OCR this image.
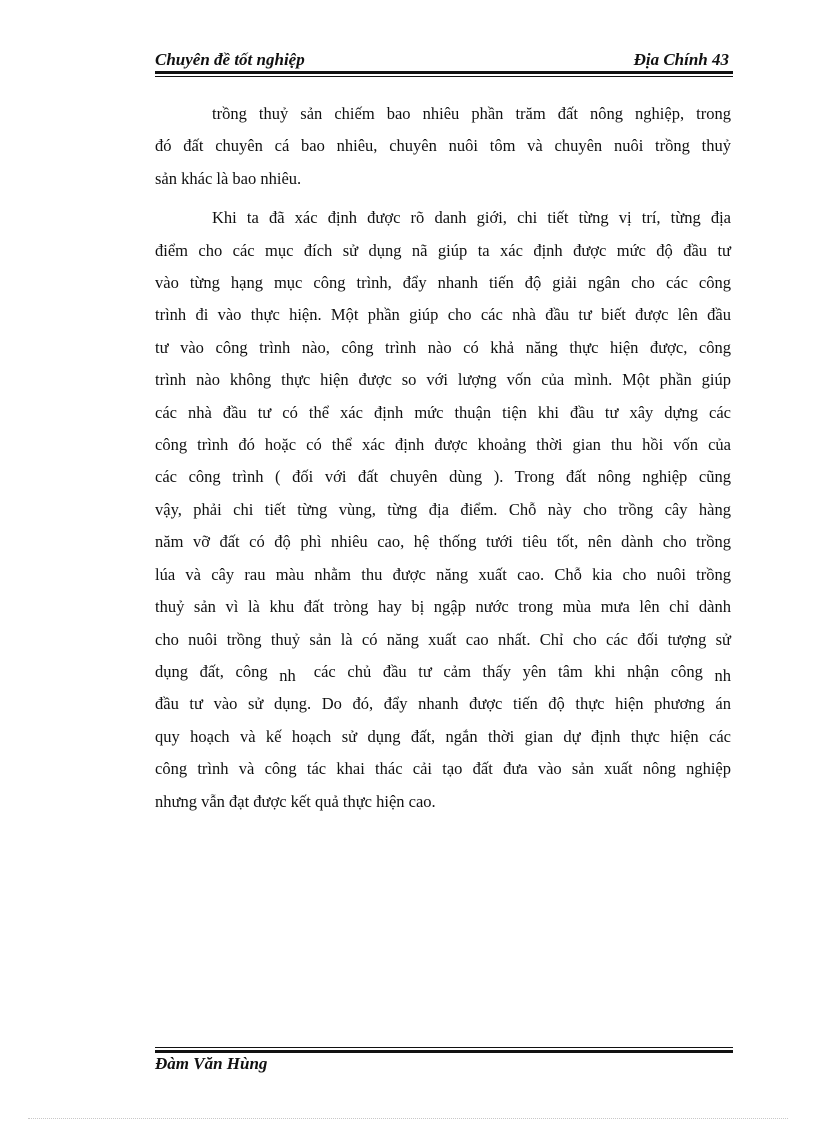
Chuyên đề tốt nghiệp	Địa Chính 43
trồng thuỷ sản chiếm bao nhiêu phần trăm đất nông nghiệp, trong
đó đất chuyên cá bao nhiêu, chuyên nuôi tôm và chuyên nuôi trồng thuỷ
sản khác là bao nhiêu.
Khi ta đã xác định được rõ danh giới, chi tiết từng vị trí, từng địa
điểm cho các mục đích sử dụng nã giúp ta xác định được mức độ đầu tư
vào từng hạng mục công trình, đẩy nhanh tiến độ giải ngân cho các công
trình đi vào thực hiện. Một phần giúp cho các nhà đầu tư biết được lên đầu
tư vào công trình nào, công trình nào có khả năng thực hiện được, công
trình nào không thực hiện được so với lượng vốn của mình. Một phần giúp
các nhà đầu tư có thể xác định mức thuận tiện khi đầu tư xây dựng các
công trình đó hoặc có thể xác định được khoảng thời gian thu hồi vốn của
các công trình ( đối với đất chuyên dùng ). Trong đất nông nghiệp cũng
vậy, phải chi tiết từng vùng, từng địa điểm. Chỗ này cho trồng cây hàng
năm vỡ đất có độ phì nhiêu cao, hệ thống tưới tiêu tốt, nên dành cho trồng
lúa và cây rau màu nhằm thu được năng xuất cao. Chỗ kia cho nuôi trồng
thuỷ sản vì là khu đất tròng hay bị ngập nước trong mùa mưa lên chỉ dành
cho nuôi trồng thuỷ sản là có năng xuất cao nhất. Chỉ cho các đối tượng sử
dụng đất, công nh các chủ đầu tư cảm thấy yên tâm khi nhận công nh
đầu tư vào sử dụng. Do đó, đẩy nhanh được tiến độ thực hiện phương án
quy hoạch và kế hoạch sử dụng đất, ngắn thời gian dự định thực hiện các
công trình và công tác khai thác cải tạo đất đưa vào sản xuất nông nghiệp
nhưng vẫn đạt được kết quả thực hiện cao.
Đàm Văn Hùng
